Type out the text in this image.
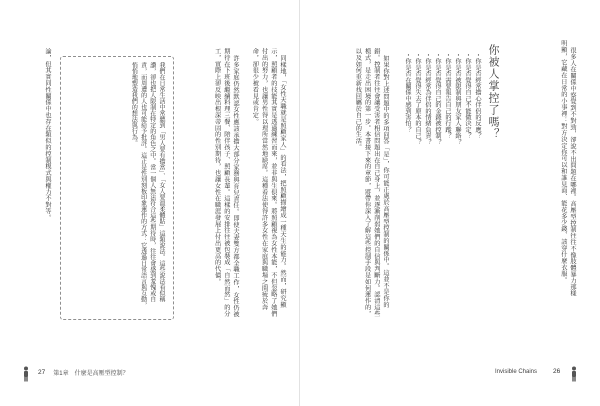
同樣地，「女性天職就是照顧家人」的看法，把照顧描繪成一種天生的能力。然而，研究顯示，照顧者的技能其實是透過練習而來，並非與生俱來。將照顧視為女性本能，不但忽略了她們付出的努力，也讓男性得以理所當然地缺席。這種看法使得許多女性在家庭與職場之間疲於奔命，卻很少被看見或肯定。

許多家庭仍然默認女性應該承擔大部分家務與育兒責任。即使夫妻雙方都全職工作，女性仍被期待在下班後繼續料理三餐、陪伴孩子、照顧長輩。這樣的安排往往被包裝成「自然而然」的分工，實際上卻反映出根深蒂固的性別期待，也讓女性在職涯發展上付出更高的代價。

我們在日常生活中常聽到「男人要有擔當」、「女人要溫柔體貼」這類說法。這些說法看似稱讚，卻也把人限制在特定的角色之中。當一個人無法符合這些期待時，往往會感到羞愧或自責，而周遭的人也可能給予批評。這正是性別刻板印象運作的方式：它透過日常語言與互動，悄悄地塑造我們的想法與行為。

論，但其實同性關係中也存在類似的控制模式與權力不對等。

27 第1章　什麼是高壓型控制？

很多人在關係中察覺到不對勁，卻說不出問題在哪裡。高壓型控制往往不像肢體暴力那樣明顯，它藏在日常的小事裡：對方決定你可以和誰見面、能花多少錢、該穿什麼衣服。

你被人掌控了嗎？
・你是否經常擔心伴侶的反應？
・你是否覺得自己不能做決定？
・你是否被限制與朋友家人聯絡？
・你是否需要報告自己的行蹤？
・你是否覺得自己的金錢被控制？
・你是否經常為伴侶的情緒負責？
・你是否覺得失去了原本的自己？
・你是否在關係中感到害怕？

如果你對上述問題中的多項回答「是」，你可能正處於高壓型控制的關係中。這並不是你的錯。控制者往往會讓受害者相信問題出在自己身上，並逐漸削弱她們的自信與判斷力。認清這些模式，是走出困境的第一步。本書接下來的章節，將帶你深入了解這些控制手段是如何運作的，以及如何重新找回屬於自己的生活。

Invisible Chains 26
